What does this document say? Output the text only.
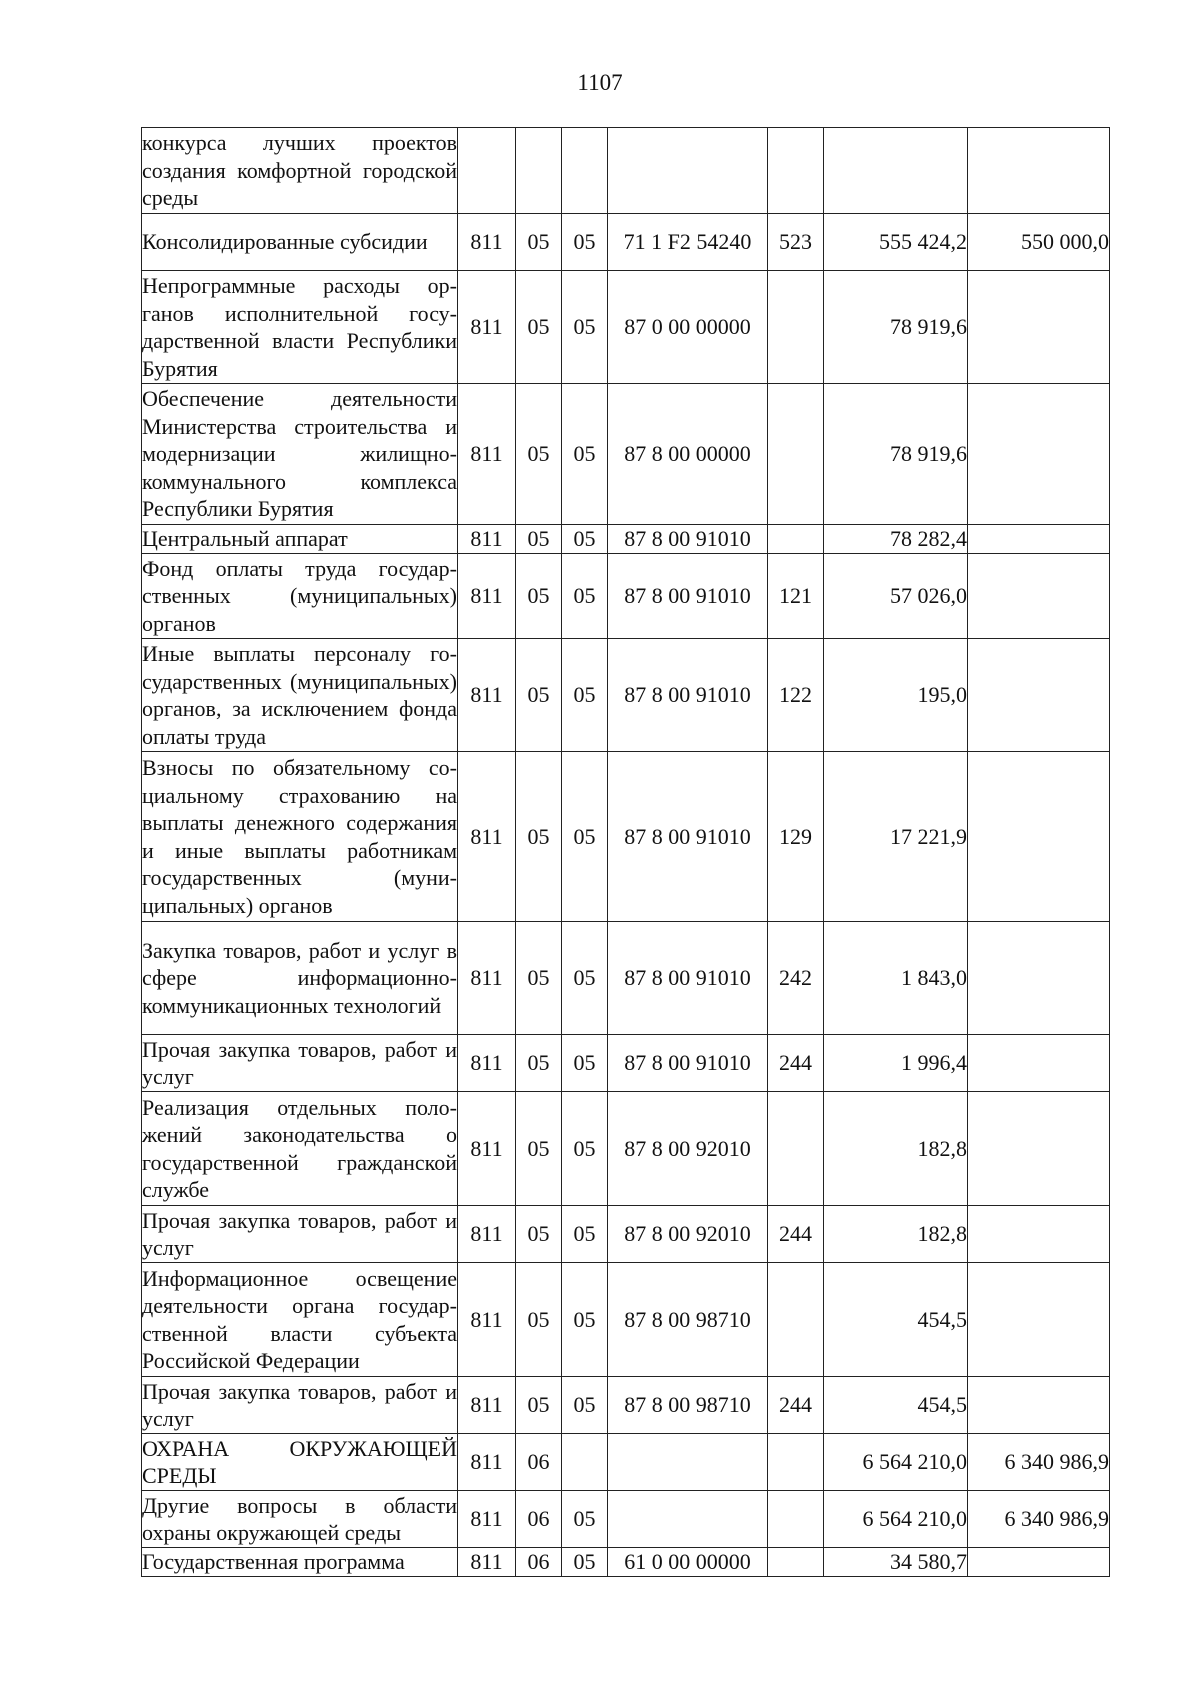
1107
конкурса лучших проектов создания комфортной городской среды							
Консолидированные субсидии	811	05	05	71 1 F2 54240	523	555 424,2	550 000,0
Непрограммные расходы органов исполнительной государственной власти Республики Бурятия	811	05	05	87 0 00 00000		78 919,6	
Обеспечение деятельности Министерства строительства и модернизации жилищно-коммунального комплекса Республики Бурятия	811	05	05	87 8 00 00000		78 919,6	
Центральный аппарат	811	05	05	87 8 00 91010		78 282,4	
Фонд оплаты труда государственных (муниципальных) органов	811	05	05	87 8 00 91010	121	57 026,0	
Иные выплаты персоналу государственных (муниципальных) органов, за исключением фонда оплаты труда	811	05	05	87 8 00 91010	122	195,0	
Взносы по обязательному социальному страхованию на выплаты денежного содержания и иные выплаты работникам государственных (муниципальных) органов	811	05	05	87 8 00 91010	129	17 221,9	
Закупка товаров, работ и услуг в сфере информационно-коммуникационных технологий	811	05	05	87 8 00 91010	242	1 843,0	
Прочая закупка товаров, работ и услуг	811	05	05	87 8 00 91010	244	1 996,4	
Реализация отдельных положений законодательства о государственной гражданской службе	811	05	05	87 8 00 92010		182,8	
Прочая закупка товаров, работ и услуг	811	05	05	87 8 00 92010	244	182,8	
Информационное освещение деятельности органа государственной власти субъекта Российской Федерации	811	05	05	87 8 00 98710		454,5	
Прочая закупка товаров, работ и услуг	811	05	05	87 8 00 98710	244	454,5	
ОХРАНА ОКРУЖАЮЩЕЙ СРЕДЫ	811	06				6 564 210,0	6 340 986,9
Другие вопросы в области охраны окружающей среды	811	06	05			6 564 210,0	6 340 986,9
Государственная программа	811	06	05	61 0 00 00000		34 580,7	
